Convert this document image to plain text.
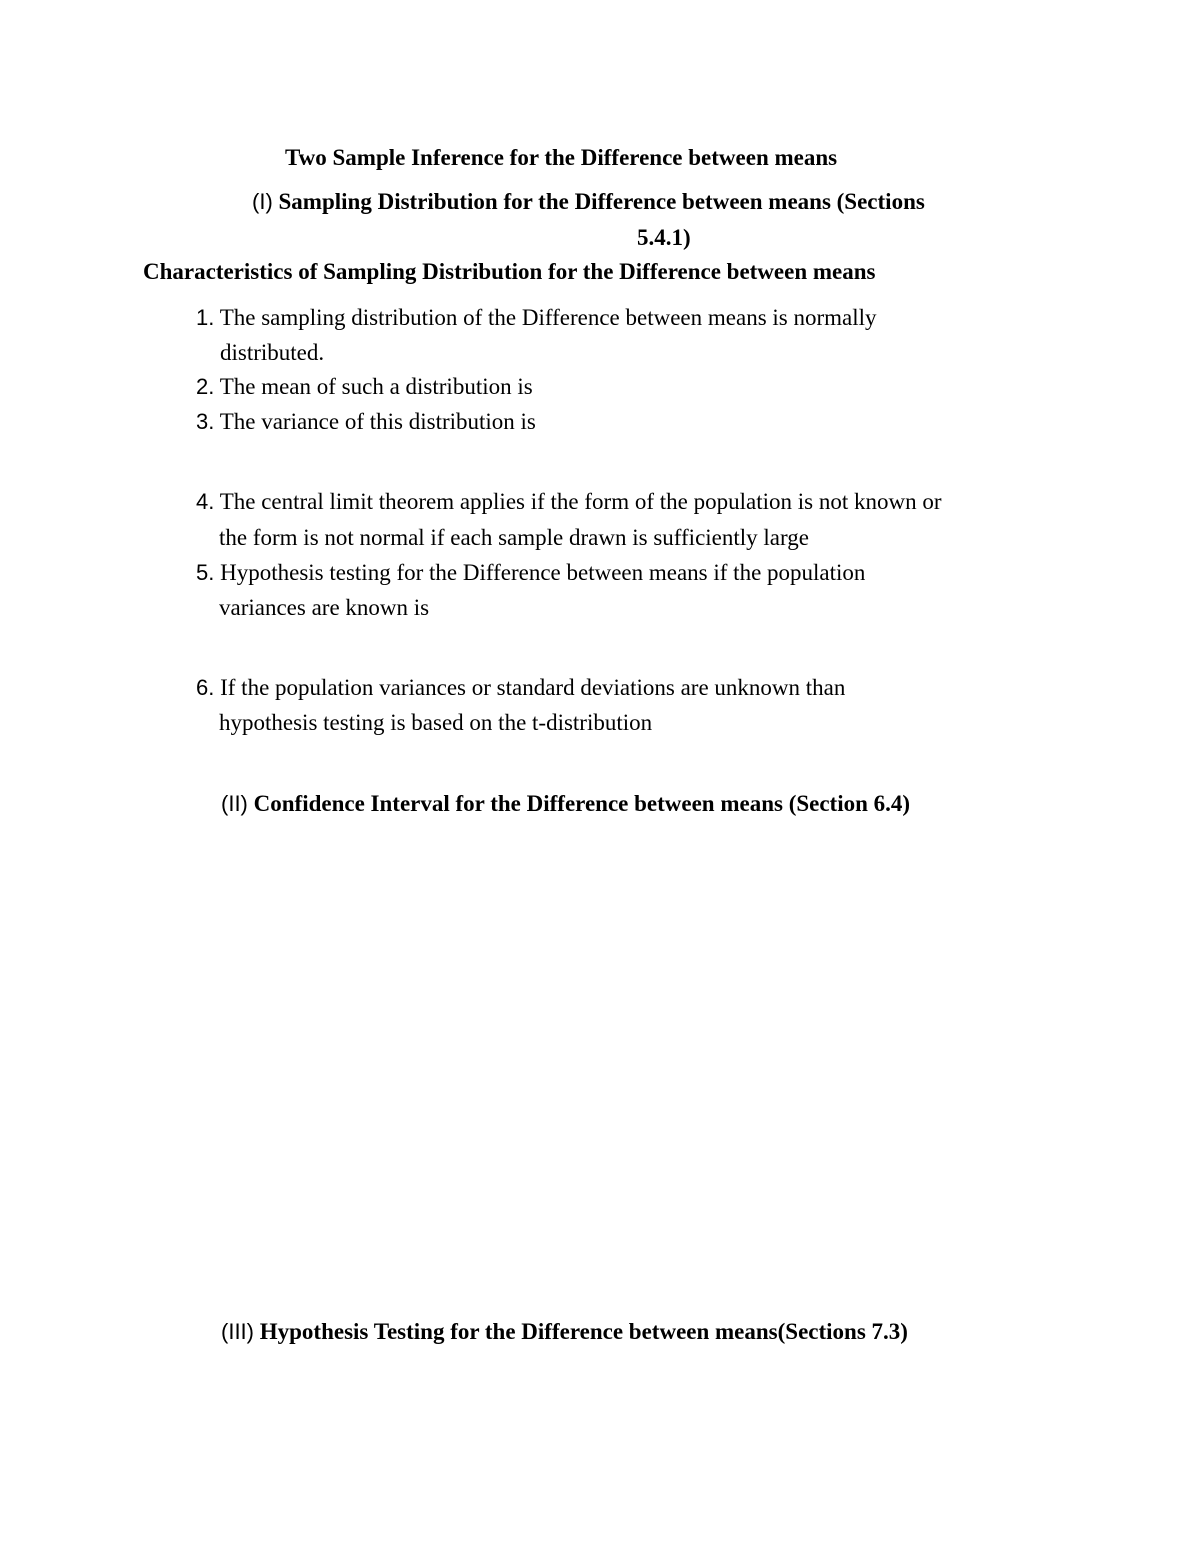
Two Sample Inference for the Difference between means
(I) Sampling Distribution for the Difference between means (Sections
5.4.1)
Characteristics of Sampling Distribution for the Difference between means
1. The sampling distribution of the Difference between means is normally
distributed.
2. The mean of such a distribution is
3. The variance of this distribution is
4. The central limit theorem applies if the form of the population is not known or
the form is not normal if each sample drawn is sufficiently large
5. Hypothesis testing for the Difference between means if the population
variances are known is
6. If the population variances or standard deviations are unknown than
hypothesis testing is based on the t-distribution
(II) Confidence Interval for the Difference between means (Section 6.4)
(III) Hypothesis Testing for the Difference between means(Sections 7.3)
